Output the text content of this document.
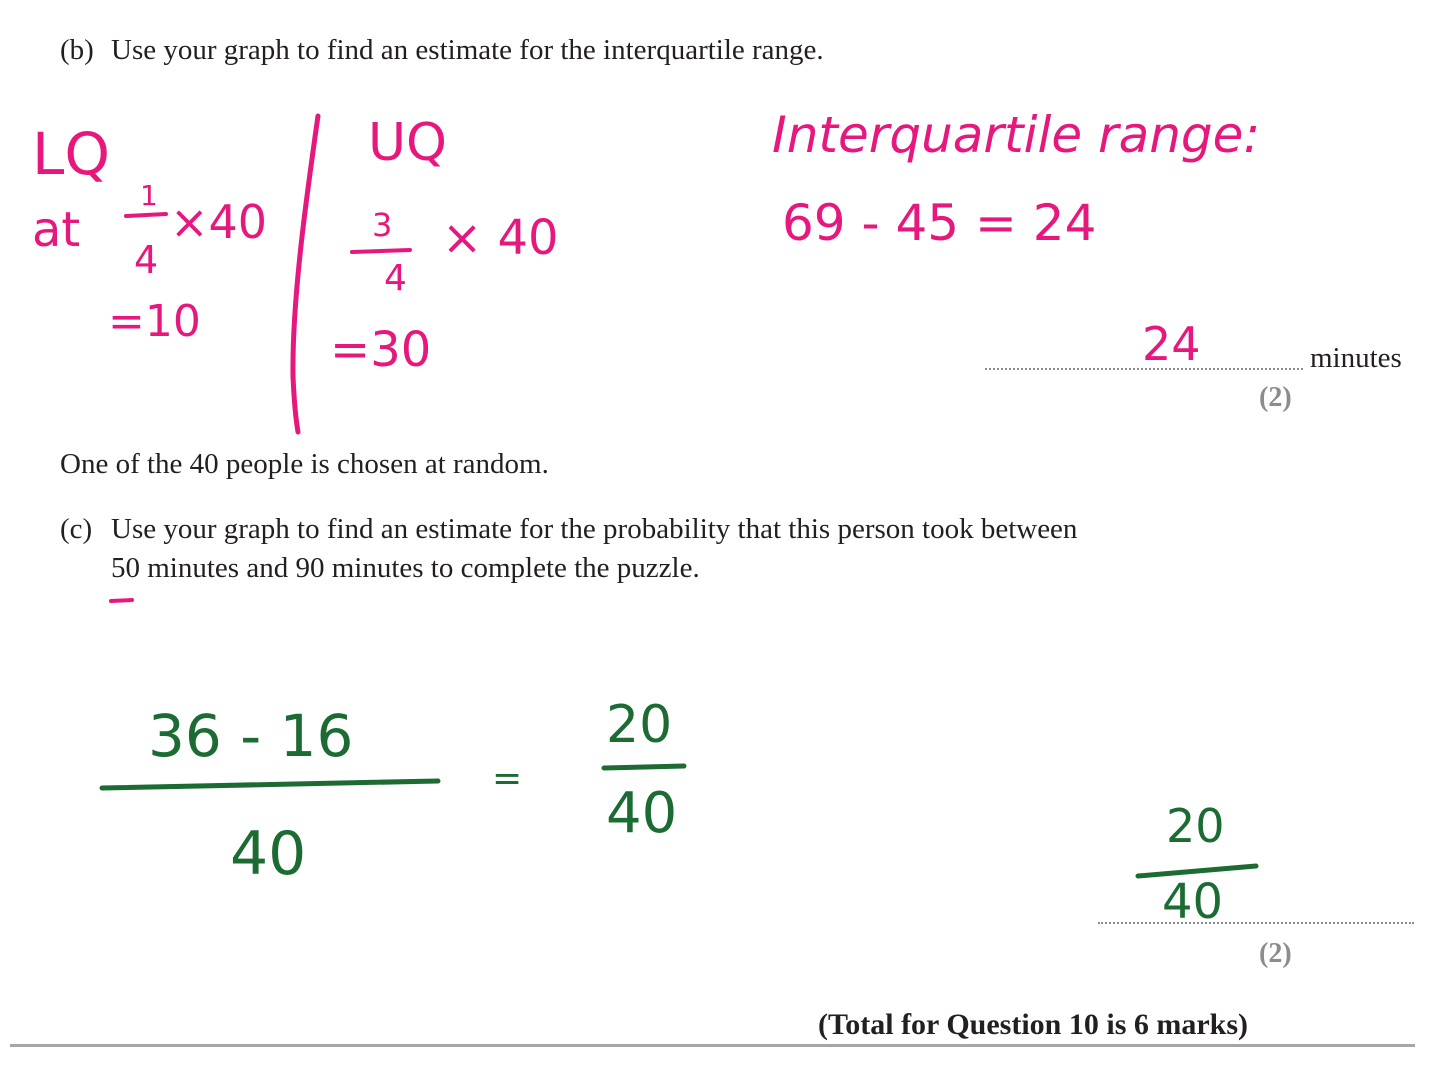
(b) Use your graph to find an estimate for the interquartile range.
minutes
(2)
One of the 40 people is chosen at random.
(c) Use your graph to find an estimate for the probability that this person took between
50 minutes and 90 minutes to complete the puzzle.
(2)
(Total for Question 10 is 6 marks)
LQ
at
1
4
×40
=10
UQ
3
4
× 40
=30
Interquartile range:
69 - 45 = 24
24
36 - 16
40
=
20
40	20
40
